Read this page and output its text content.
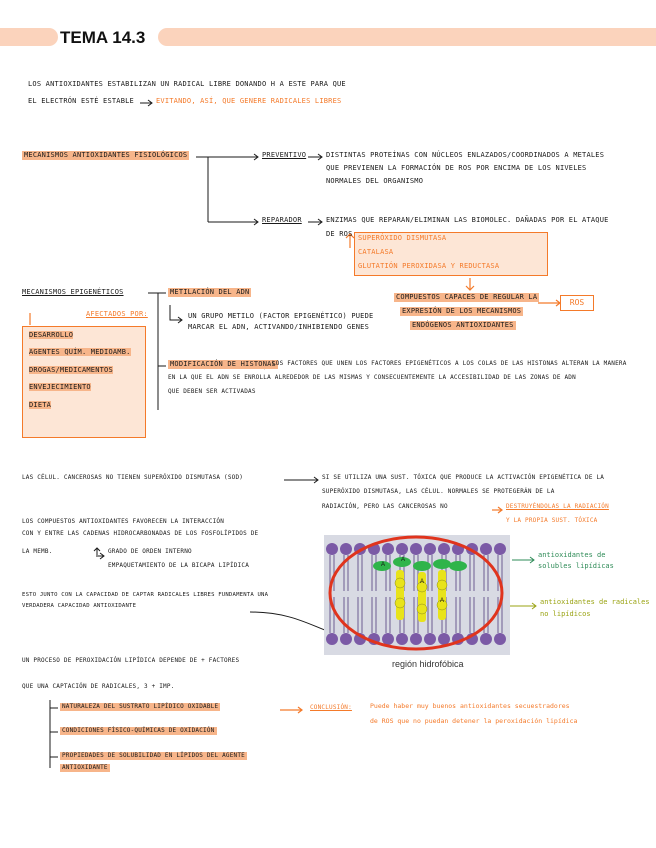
TEMA 14.3
LOS ANTIOXIDANTES ESTABILIZAN UN RADICAL LIBRE DONANDO H A ESTE PARA QUE
EL ELECTRÓN ESTÉ ESTABLE	EVITANDO, ASÍ, QUE GENERE RADICALES LIBRES
MECANISMOS ANTIOXIDANTES FISIOLÓGICOS	PREVENTIVO	DISTINTAS PROTEÍNAS CON NÚCLEOS ENLAZADOS/COORDINADOS A METALES
QUE PREVIENEN LA FORMACIÓN DE ROS POR ENCIMA DE LOS NIVELES
NORMALES DEL ORGANISMO
REPARADOR	ENZIMAS QUE REPARAN/ELIMINAN LAS BIOMOLEC. DAÑADAS POR EL ATAQUE
DE ROS SUPERÓXIDO DISMUTASA
CATALASA
GLUTATIÓN PEROXIDASA Y REDUCTASA
COMPUESTOS CAPACES DE REGULAR LA
EXPRESIÓN DE LOS MECANISMOS
ENDÓGENOS ANTIOXIDANTES
ROS
MECANISMOS EPIGENÉTICOS
AFECTADOS POR:
DESARROLLO
AGENTES QUÍM. MEDIOAMB.
DROGAS/MEDICAMENTOS
ENVEJECIMIENTO
DIETA
METILACIÓN DEL ADN
UN GRUPO METILO (FACTOR EPIGENÉTICO) PUEDE
MARCAR EL ADN, ACTIVANDO/INHIBIENDO GENES
MODIFICACIÓN DE HISTONAS
LOS FACTORES QUE UNEN LOS FACTORES EPIGENÉTICOS A LOS COLAS DE LAS HISTONAS ALTERAN LA MANERA
EN LA QUE EL ADN SE ENROLLA ALREDEDOR DE LAS MISMAS Y CONSECUENTEMENTE LA ACCESIBILIDAD DE LAS ZONAS DE ADN
QUE DEBEN SER ACTIVADAS
LAS CÉLUL. CANCEROSAS NO TIENEN SUPERÓXIDO DISMUTASA (SOD)	SI SE UTILIZA UNA SUST. TÓXICA QUE PRODUCE LA ACTIVACIÓN EPIGENÉTICA DE LA
SUPERÓXIDO DISMUTASA, LAS CÉLUL. NORMALES SE PROTEGERÁN DE LA
RADIACIÓN, PERO LAS CANCEROSAS NO	DESTRUYÉNDOLAS LA RADIACIÓN
Y LA PROPIA SUST. TÓXICA
LOS COMPUESTOS ANTIOXIDANTES FAVORECEN LA INTERACCIÓN
CON Y ENTRE LAS CADENAS HIDROCARBONADAS DE LOS FOSFOLÍPIDOS DE
LA MEMB.	GRADO DE ORDEN INTERNO
EMPAQUETAMIENTO DE LA BICAPA LIPÍDICA
ESTO JUNTO CON LA CAPACIDAD DE CAPTAR RADICALES LIBRES FUNDAMENTA UNA
VERDADERA CAPACIDAD ANTIOXIDANTE
A
A
A
A
región hidrofóbica
antioxidantes de
solubles lipídicas
antioxidantes de radicales
no lipídicos
UN PROCESO DE PEROXIDACIÓN LIPÍDICA DEPENDE DE + FACTORES
QUE UNA CAPTACIÓN DE RADICALES, 3 + IMP.
NATURALEZA DEL SUSTRATO LIPÍDICO OXIDABLE
CONDICIONES FÍSICO-QUÍMICAS DE OXIDACIÓN
PROPIEDADES DE SOLUBILIDAD EN LÍPIDOS DEL AGENTE
ANTIOXIDANTE
CONCLUSIÓN:	Puede haber muy buenos antioxidantes secuestradores
de ROS que no puedan detener la peroxidación lipídica
